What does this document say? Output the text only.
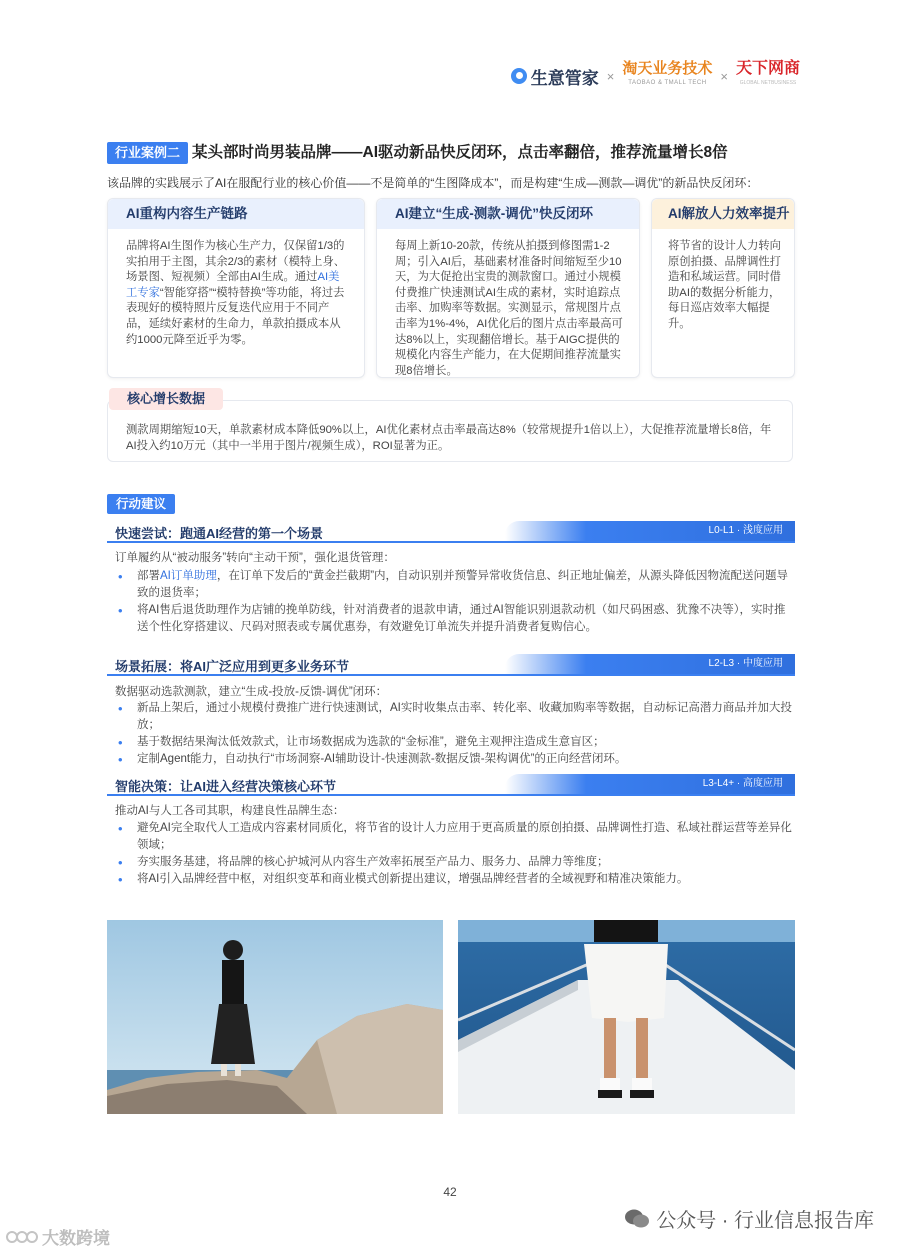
生意管家 × 淘天业务技术
TAOBAO & TMALL TECH	× 天下网商
GLOBAL NETBUSINESS
行业案例二 某头部时尚男装品牌——AI驱动新品快反闭环，点击率翻倍，推荐流量增长8倍
该品牌的实践展示了AI在服配行业的核心价值——不是简单的“生图降成本”，而是构建“生成—测款—调优”的新品快反闭环：
AI重构内容生产链路
品牌将AI生图作为核心生产力，仅保留1/3的实拍用于主图，其余2/3的素材（模特上身、场景图、短视频）全部由AI生成。通过AI美工专家“智能穿搭”“模特替换”等功能，将过去表现好的模特照片反复迭代应用于不同产品，延续好素材的生命力，单款拍摄成本从约1000元降至近乎为零。
AI建立“生成-测款-调优”快反闭环
每周上新10-20款，传统从拍摄到修图需1-2周；引入AI后，基础素材准备时间缩短至少10天，为大促抢出宝贵的测款窗口。通过小规模付费推广快速测试AI生成的素材，实时追踪点击率、加购率等数据。实测显示，常规图片点击率为1%-4%，AI优化后的图片点击率最高可达8%以上，实现翻倍增长。基于AIGC提供的规模化内容生产能力，在大促期间推荐流量实现8倍增长。
AI解放人力效率提升
将节省的设计人力转向原创拍摄、品牌调性打造和私域运营。同时借助AI的数据分析能力，每日巡店效率大幅提升。
测款周期缩短10天，单款素材成本降低90%以上，AI优化素材点击率最高达8%（较常规提升1倍以上），大促推荐流量增长8倍，年AI投入约10万元（其中一半用于图片/视频生成），ROI显著为正。
核心增长数据
行动建议
快速尝试：跑通AI经营的第一个场景	L0-L1 · 浅度应用
订单履约从“被动服务”转向“主动干预”，强化退货管理：
• 部署AI订单助理，在订单下发后的“黄金拦截期”内，自动识别并预警异常收货信息、纠正地址偏差，从源头降低因物流配送问题导致的退货率；
• 将AI售后退货助理作为店铺的挽单防线，针对消费者的退款申请，通过AI智能识别退款动机（如尺码困惑、犹豫不决等），实时推送个性化穿搭建议、尺码对照表或专属优惠券，有效避免订单流失并提升消费者复购信心。
场景拓展：将AI广泛应用到更多业务环节	L2-L3 · 中度应用
数据驱动选款测款，建立“生成-投放-反馈-调优”闭环：
• 新品上架后，通过小规模付费推广进行快速测试，AI实时收集点击率、转化率、收藏加购率等数据，自动标记高潜力商品并加大投放；
• 基于数据结果淘汰低效款式，让市场数据成为选款的“金标准”，避免主观押注造成生意盲区；
• 定制Agent能力，自动执行“市场洞察-AI辅助设计-快速测款-数据反馈-架构调优”的正向经营闭环。
智能决策：让AI进入经营决策核心环节	L3-L4+ · 高度应用
推动AI与人工各司其职，构建良性品牌生态：
• 避免AI完全取代人工造成内容素材同质化，将节省的设计人力应用于更高质量的原创拍摄、品牌调性打造、私域社群运营等差异化领域；
• 夯实服务基建，将品牌的核心护城河从内容生产效率拓展至产品力、服务力、品牌力等维度；
• 将AI引入品牌经营中枢，对组织变革和商业模式创新提出建议，增强品牌经营者的全域视野和精准决策能力。
42
公众号 · 行业信息报告库
大数跨境
